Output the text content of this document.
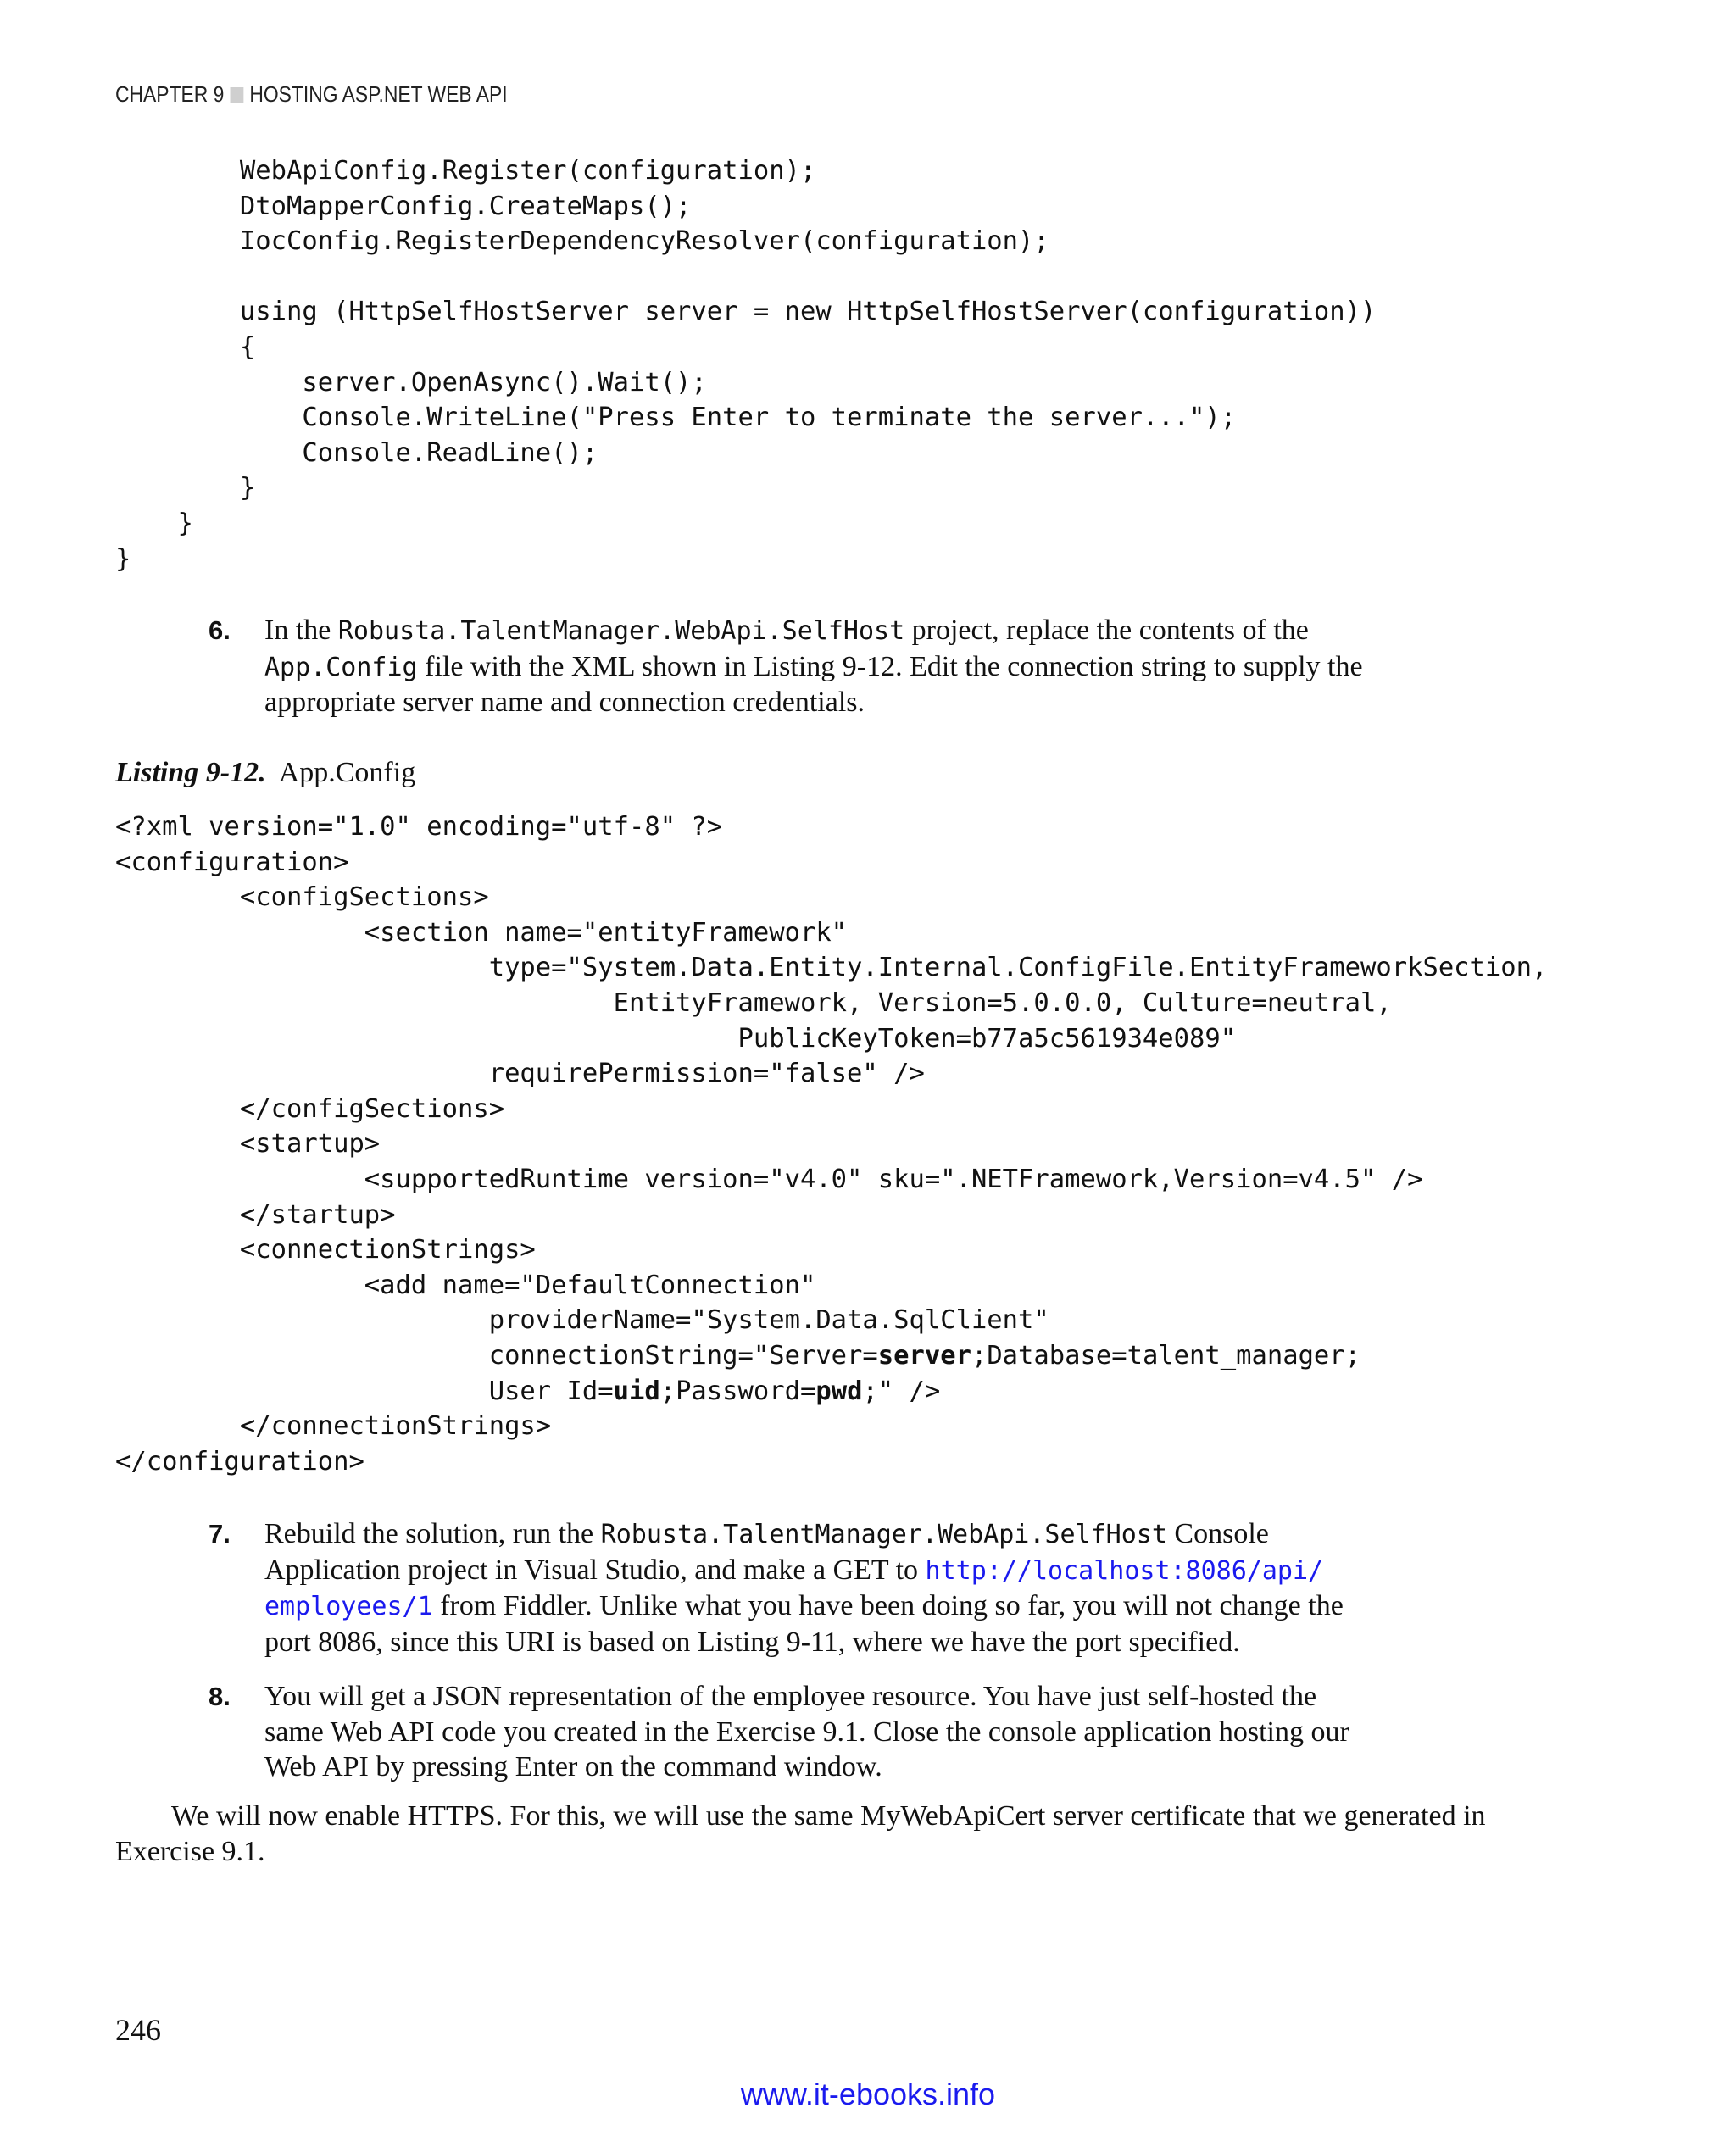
CHAPTER 9 HOSTING ASP.NET WEB API
WebApiConfig.Register(configuration);
DtoMapperConfig.CreateMaps();
IocConfig.RegisterDependencyResolver(configuration);
using (HttpSelfHostServer server = new HttpSelfHostServer(configuration))
{
server.OpenAsync().Wait();
Console.WriteLine("Press Enter to terminate the server...");
Console.ReadLine();
}
}
}
6. In the Robusta.TalentManager.WebApi.SelfHost project, replace the contents of the
App.Config file with the XML shown in Listing 9-12. Edit the connection string to supply the appropriate server name and connection credentials.
Listing 9-12. App.Config
<?xml version="1.0" encoding="utf-8" ?>
<configuration>
<configSections>
<section name="entityFramework"
type="System.Data.Entity.Internal.ConfigFile.EntityFrameworkSection,
EntityFramework, Version=5.0.0.0, Culture=neutral,
PublicKeyToken=b77a5c561934e089"
requirePermission="false" />
</configSections>
<startup>
<supportedRuntime version="v4.0" sku=".NETFramework,Version=v4.5" />
</startup>
<connectionStrings>
<add name="DefaultConnection"
providerName="System.Data.SqlClient"
connectionString="Server=server;Database=talent_manager;
User Id=uid;Password=pwd;" />
</connectionStrings>
</configuration>
7. Rebuild the solution, run the Robusta.TalentManager.WebApi.SelfHost Console Application project in Visual Studio, and make a GET to http://localhost:8086/api/
employees/1 from Fiddler. Unlike what you have been doing so far, you will not change the port 8086, since this URI is based on Listing 9-11, where we have the port specified.
8. You will get a JSON representation of the employee resource. You have just self-hosted the same Web API code you created in the Exercise 9.1. Close the console application hosting our Web API by pressing Enter on the command window.
We will now enable HTTPS. For this, we will use the same MyWebApiCert server certificate that we generated in Exercise 9.1.
246
www.it-ebooks.info
